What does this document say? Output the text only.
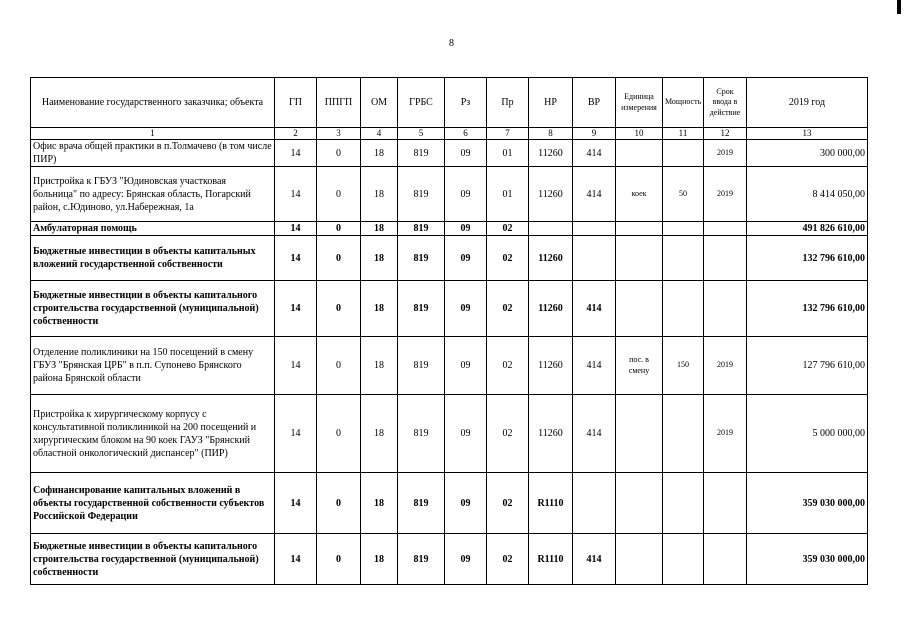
8
Наименование государственного заказчика; объекта	ГП	ППГП	ОМ	ГРБС	Рз	Пр	НР	ВР	Единица измерения	Мощность	Срок ввода в действие	2019 год
1	2	3	4	5	6	7	8	9	10	11	12	13
Офис врача общей практики в п.Толмачево (в том числе ПИР)	14	0	18	819	09	01	11260	414			2019	300 000,00
Пристройка к ГБУЗ "Юдиновская участковая больница" по адресу: Брянская область, Погарский район, с.Юдиново, ул.Набережная, 1а	14	0	18	819	09	01	11260	414	коек	50	2019	8 414 050,00
Амбулаторная помощь	14	0	18	819	09	02						491 826 610,00
Бюджетные инвестиции в объекты капитальных вложений государственной собственности	14	0	18	819	09	02	11260					132 796 610,00
Бюджетные инвестиции в объекты капитального строительства государственной (муниципальной) собственности	14	0	18	819	09	02	11260	414				132 796 610,00
Отделение поликлиники на 150 посещений в смену ГБУЗ "Брянская ЦРБ" в п.п. Супонево Брянского района Брянской области	14	0	18	819	09	02	11260	414	пос. в смену	150	2019	127 796 610,00
Пристройка к хирургическому корпусу с консультативной поликлиникой на 200 посещений и хирургическим блоком на 90 коек ГАУЗ "Брянский областной онкологический диспансер" (ПИР)	14	0	18	819	09	02	11260	414			2019	5 000 000,00
Софинансирование капитальных вложений в объекты государственной собственности субъектов Российской Федерации	14	0	18	819	09	02	R1110					359 030 000,00
Бюджетные инвестиции в объекты капитального строительства государственной (муниципальной) собственности	14	0	18	819	09	02	R1110	414				359 030 000,00
